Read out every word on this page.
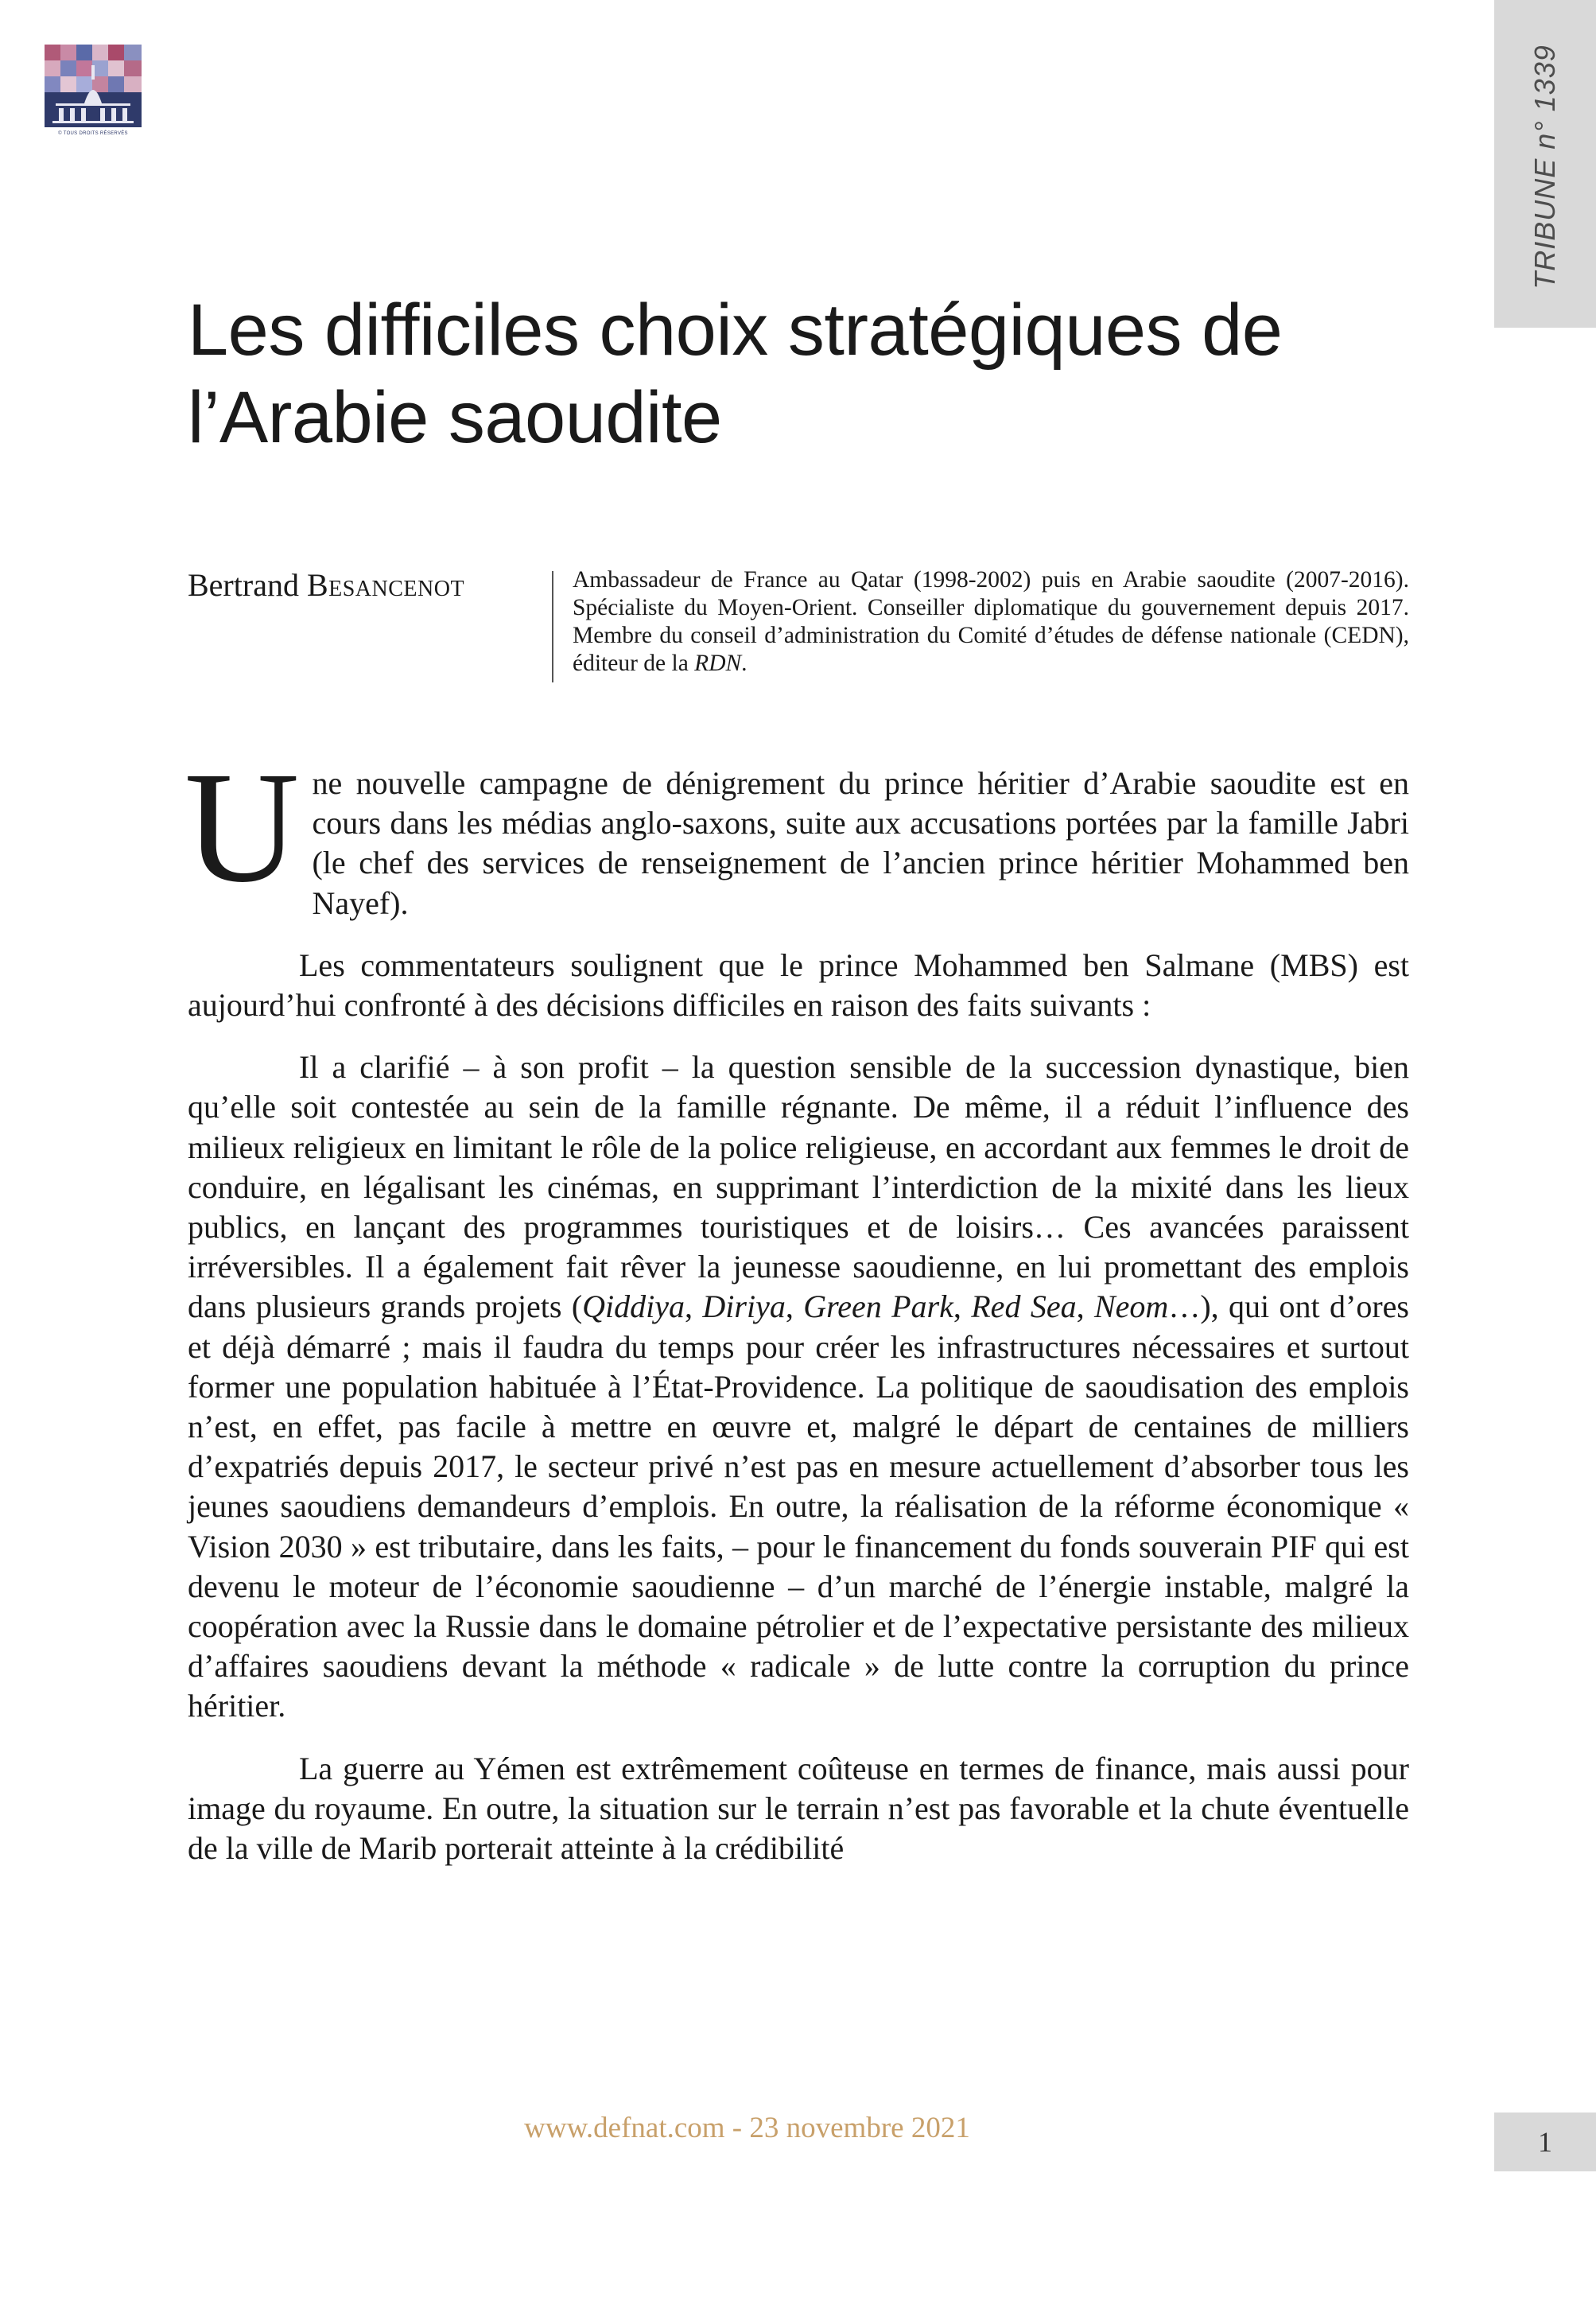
© TOUS DROITS RÉSERVÉS	TRIBUNE n° 1339
Les difficiles choix stratégiques de l’Arabie saoudite
Bertrand Besancenot	Ambassadeur de France au Qatar (1998-2002) puis en Arabie saoudite (2007-2016). Spécialiste du Moyen-Orient. Conseiller diplomatique du gouvernement depuis 2017. Membre du conseil d’administration du Comité d’études de défense nationale (CEDN), éditeur de la RDN.

Une nouvelle campagne de dénigrement du prince héritier d’Arabie saoudite est en cours dans les médias anglo-saxons, suite aux accusations portées par la famille Jabri (le chef des services de renseignement de l’ancien prince héritier Mohammed ben Nayef).

Les commentateurs soulignent que le prince Mohammed ben Salmane (MBS) est aujourd’hui confronté à des décisions difficiles en raison des faits suivants :

Il a clarifié – à son profit – la question sensible de la succession dynastique, bien qu’elle soit contestée au sein de la famille régnante. De même, il a réduit l’influence des milieux religieux en limitant le rôle de la police religieuse, en accordant aux femmes le droit de conduire, en légalisant les cinémas, en supprimant l’interdiction de la mixité dans les lieux publics, en lançant des programmes touristiques et de loisirs… Ces avancées paraissent irréversibles. Il a également fait rêver la jeunesse saoudienne, en lui promettant des emplois dans plusieurs grands projets (Qiddiya, Diriya, Green Park, Red Sea, Neom…), qui ont d’ores et déjà démarré ; mais il faudra du temps pour créer les infrastructures nécessaires et surtout former une population habituée à l’État-Providence. La politique de saoudisation des emplois n’est, en effet, pas facile à mettre en œuvre et, malgré le départ de centaines de milliers d’expatriés depuis 2017, le secteur privé n’est pas en mesure actuellement d’absorber tous les jeunes saoudiens demandeurs d’emplois. En outre, la réalisation de la réforme économique « Vision 2030 » est tributaire, dans les faits, – pour le financement du fonds souverain PIF qui est devenu le moteur de l’économie saoudienne – d’un marché de l’énergie instable, malgré la coopération avec la Russie dans le domaine pétrolier et de l’expectative persistante des milieux d’affaires saoudiens devant la méthode « radicale » de lutte contre la corruption du prince héritier.

La guerre au Yémen est extrêmement coûteuse en termes de finance, mais aussi pour image du royaume. En outre, la situation sur le terrain n’est pas favorable et la chute éventuelle de la ville de Marib porterait atteinte à la crédibilité

www.defnat.com - 23 novembre 2021	1
